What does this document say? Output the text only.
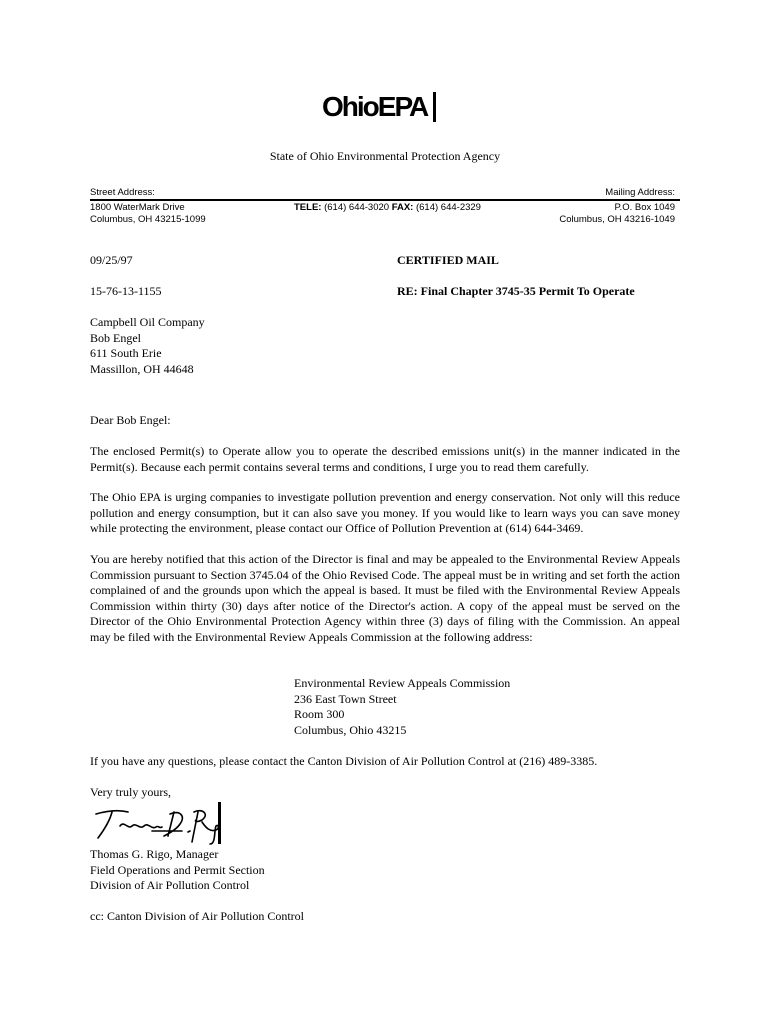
OhioEPA
State of Ohio Environmental Protection Agency
Street Address:
1800 WaterMark Drive
Columbus, OH 43215-1099
TELE: (614) 644-3020 FAX: (614) 644-2329
Mailing Address:
P.O. Box 1049
Columbus, OH 43216-1049
09/25/97	CERTIFIED MAIL
15-76-13-1155	RE: Final Chapter 3745-35 Permit To Operate
Campbell Oil Company
Bob Engel
611 South Erie
Massillon, OH 44648
Dear Bob Engel:
The enclosed Permit(s) to Operate allow you to operate the described emissions unit(s) in the manner indicated in the Permit(s). Because each permit contains several terms and conditions, I urge you to read them carefully.
The Ohio EPA is urging companies to investigate pollution prevention and energy conservation. Not only will this reduce pollution and energy consumption, but it can also save you money. If you would like to learn ways you can save money while protecting the environment, please contact our Office of Pollution Prevention at (614) 644-3469.
You are hereby notified that this action of the Director is final and may be appealed to the Environmental Review Appeals Commission pursuant to Section 3745.04 of the Ohio Revised Code. The appeal must be in writing and set forth the action complained of and the grounds upon which the appeal is based. It must be filed with the Environmental Review Appeals Commission within thirty (30) days after notice of the Director's action. A copy of the appeal must be served on the Director of the Ohio Environmental Protection Agency within three (3) days of filing with the Commission. An appeal may be filed with the Environmental Review Appeals Commission at the following address:
Environmental Review Appeals Commission
236 East Town Street
Room 300
Columbus, Ohio 43215
If you have any questions, please contact the Canton Division of Air Pollution Control at (216) 489-3385.
Very truly yours,
Thomas G. Rigo, Manager
Field Operations and Permit Section
Division of Air Pollution Control
cc: Canton Division of Air Pollution Control
